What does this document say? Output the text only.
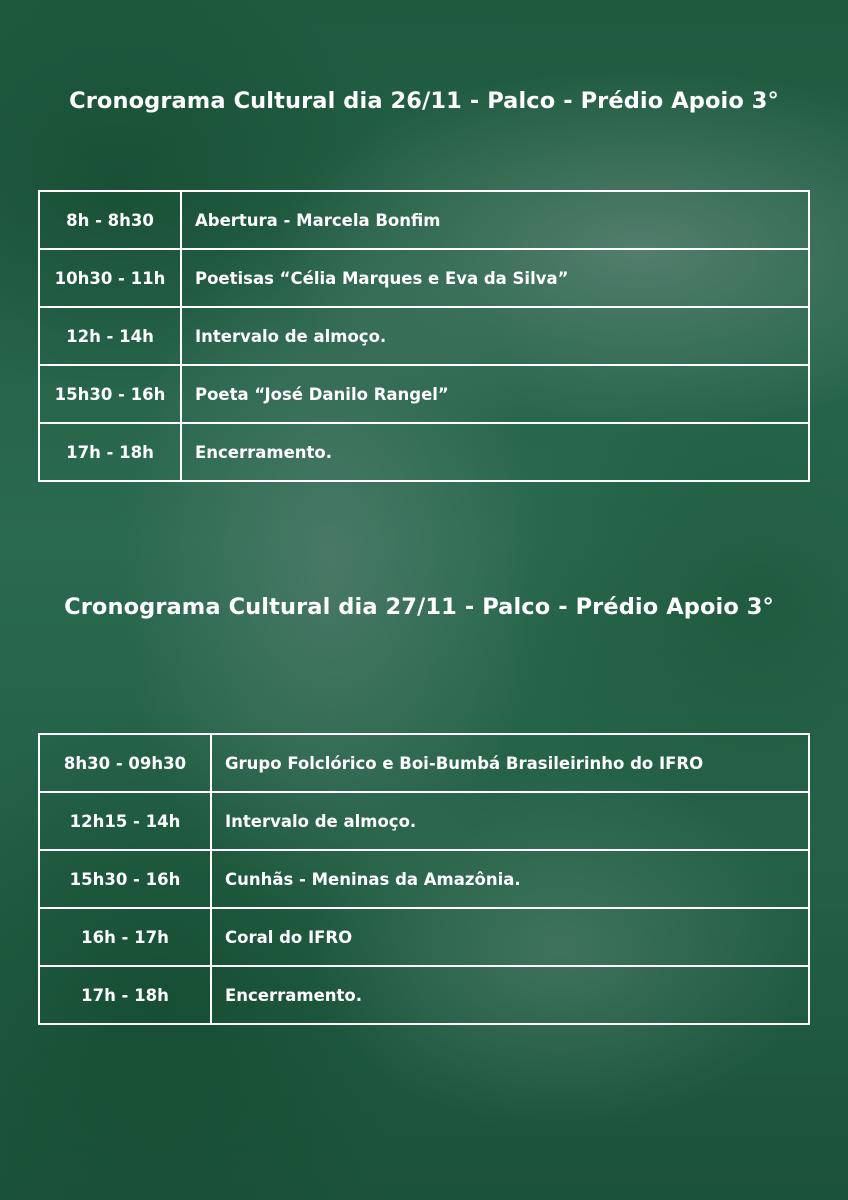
Cronograma Cultural dia 26/11 - Palco - Prédio Apoio 3°
8h - 8h30	Abertura - Marcela Bonfim
10h30 - 11h	Poetisas “Célia Marques e Eva da Silva”
12h - 14h	Intervalo de almoço.
15h30 - 16h	Poeta “José Danilo Rangel”
17h - 18h	Encerramento.
Cronograma Cultural dia 27/11 - Palco - Prédio Apoio 3°
8h30 - 09h30	Grupo Folclórico e Boi-Bumbá Brasileirinho do IFRO
12h15 - 14h	Intervalo de almoço.
15h30 - 16h	Cunhãs - Meninas da Amazônia.
16h - 17h	Coral do IFRO
17h - 18h	Encerramento.
